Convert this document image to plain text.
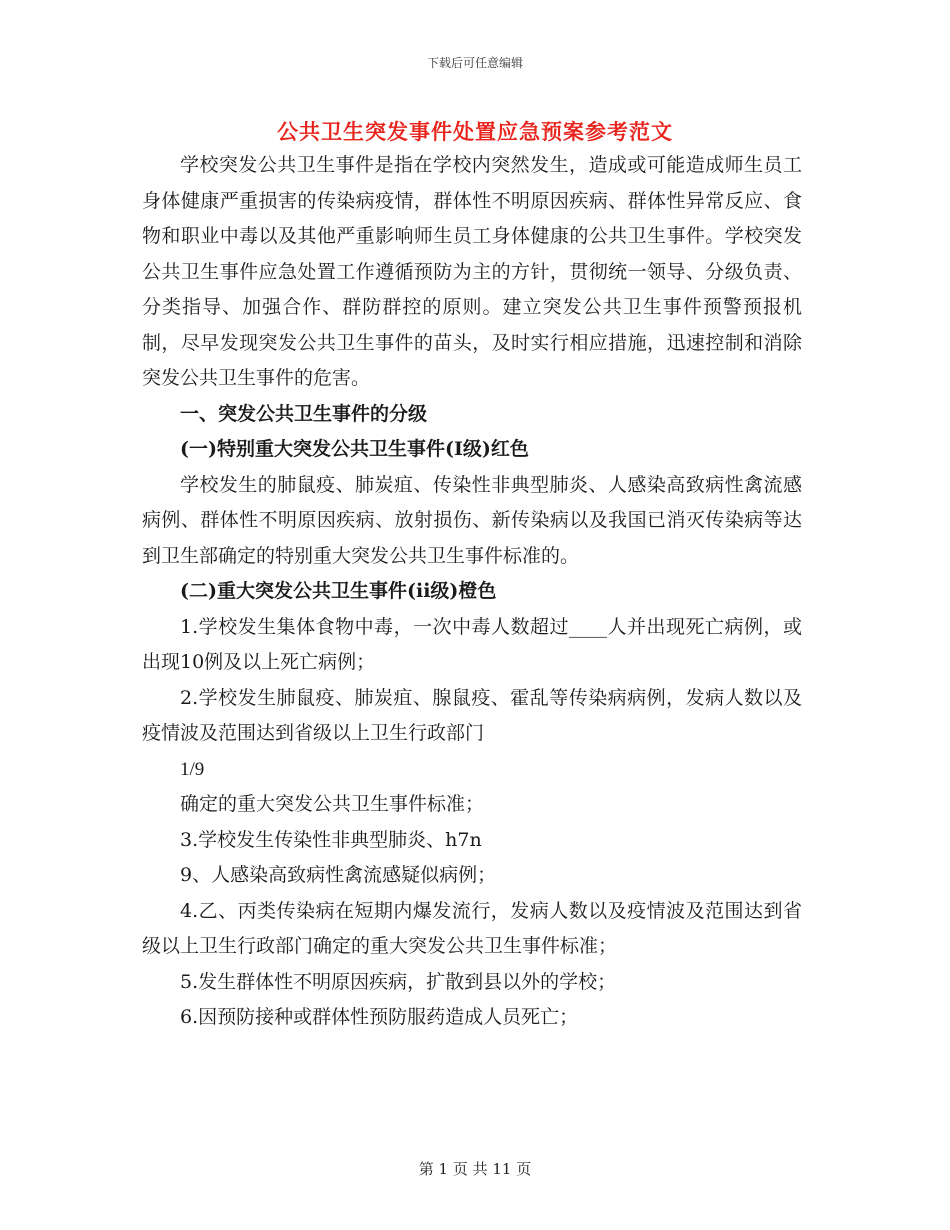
下载后可任意编辑
公共卫生突发事件处置应急预案参考范文

学校突发公共卫生事件是指在学校内突然发生，造成或可能造成师生员工身体健康严重损害的传染病疫情，群体性不明原因疾病、群体性异常反应、食物和职业中毒以及其他严重影响师生员工身体健康的公共卫生事件。学校突发公共卫生事件应急处置工作遵循预防为主的方针，贯彻统一领导、分级负责、分类指导、加强合作、群防群控的原则。建立突发公共卫生事件预警预报机制，尽早发现突发公共卫生事件的苗头，及时实行相应措施，迅速控制和消除突发公共卫生事件的危害。

一、突发公共卫生事件的分级

(一)特别重大突发公共卫生事件(Ⅰ级)红色

学校发生的肺鼠疫、肺炭疽、传染性非典型肺炎、人感染高致病性禽流感病例、群体性不明原因疾病、放射损伤、新传染病以及我国已消灭传染病等达到卫生部确定的特别重大突发公共卫生事件标准的。

(二)重大突发公共卫生事件(ii级)橙色

1.学校发生集体食物中毒，一次中毒人数超过____人并出现死亡病例，或出现10例及以上死亡病例；

2.学校发生肺鼠疫、肺炭疽、腺鼠疫、霍乱等传染病病例，发病人数以及疫情波及范围达到省级以上卫生行政部门

1/9

确定的重大突发公共卫生事件标准；

3.学校发生传染性非典型肺炎、h7n

9、人感染高致病性禽流感疑似病例；

4.乙、丙类传染病在短期内爆发流行，发病人数以及疫情波及范围达到省级以上卫生行政部门确定的重大突发公共卫生事件标准；

5.发生群体性不明原因疾病，扩散到县以外的学校；

6.因预防接种或群体性预防服药造成人员死亡；

第 1 页 共 11 页
